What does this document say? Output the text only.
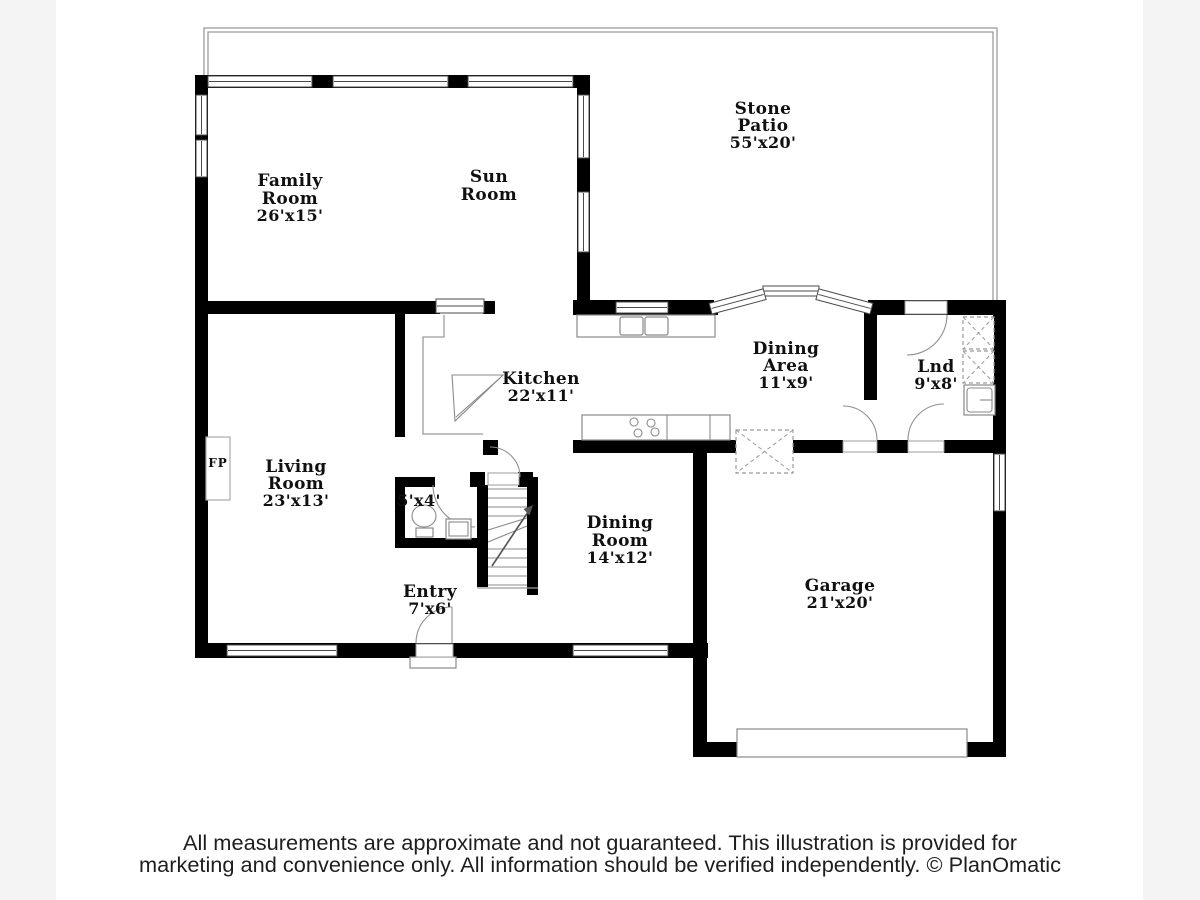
Family
Room
26'x15'
Sun
Room
Stone
Patio
55'x20'
Kitchen
22'x11'
Dining
Area
11'x9'
Lnd
9'x8'
Living
Room
23'x13'	5'x4'
Dining
Room
14'x12'
Entry
7'x6'
Garage
21'x20'
FP
All measurements are approximate and not guaranteed. This illustration is provided for
marketing and convenience only. All information should be verified independently. © PlanOmatic
